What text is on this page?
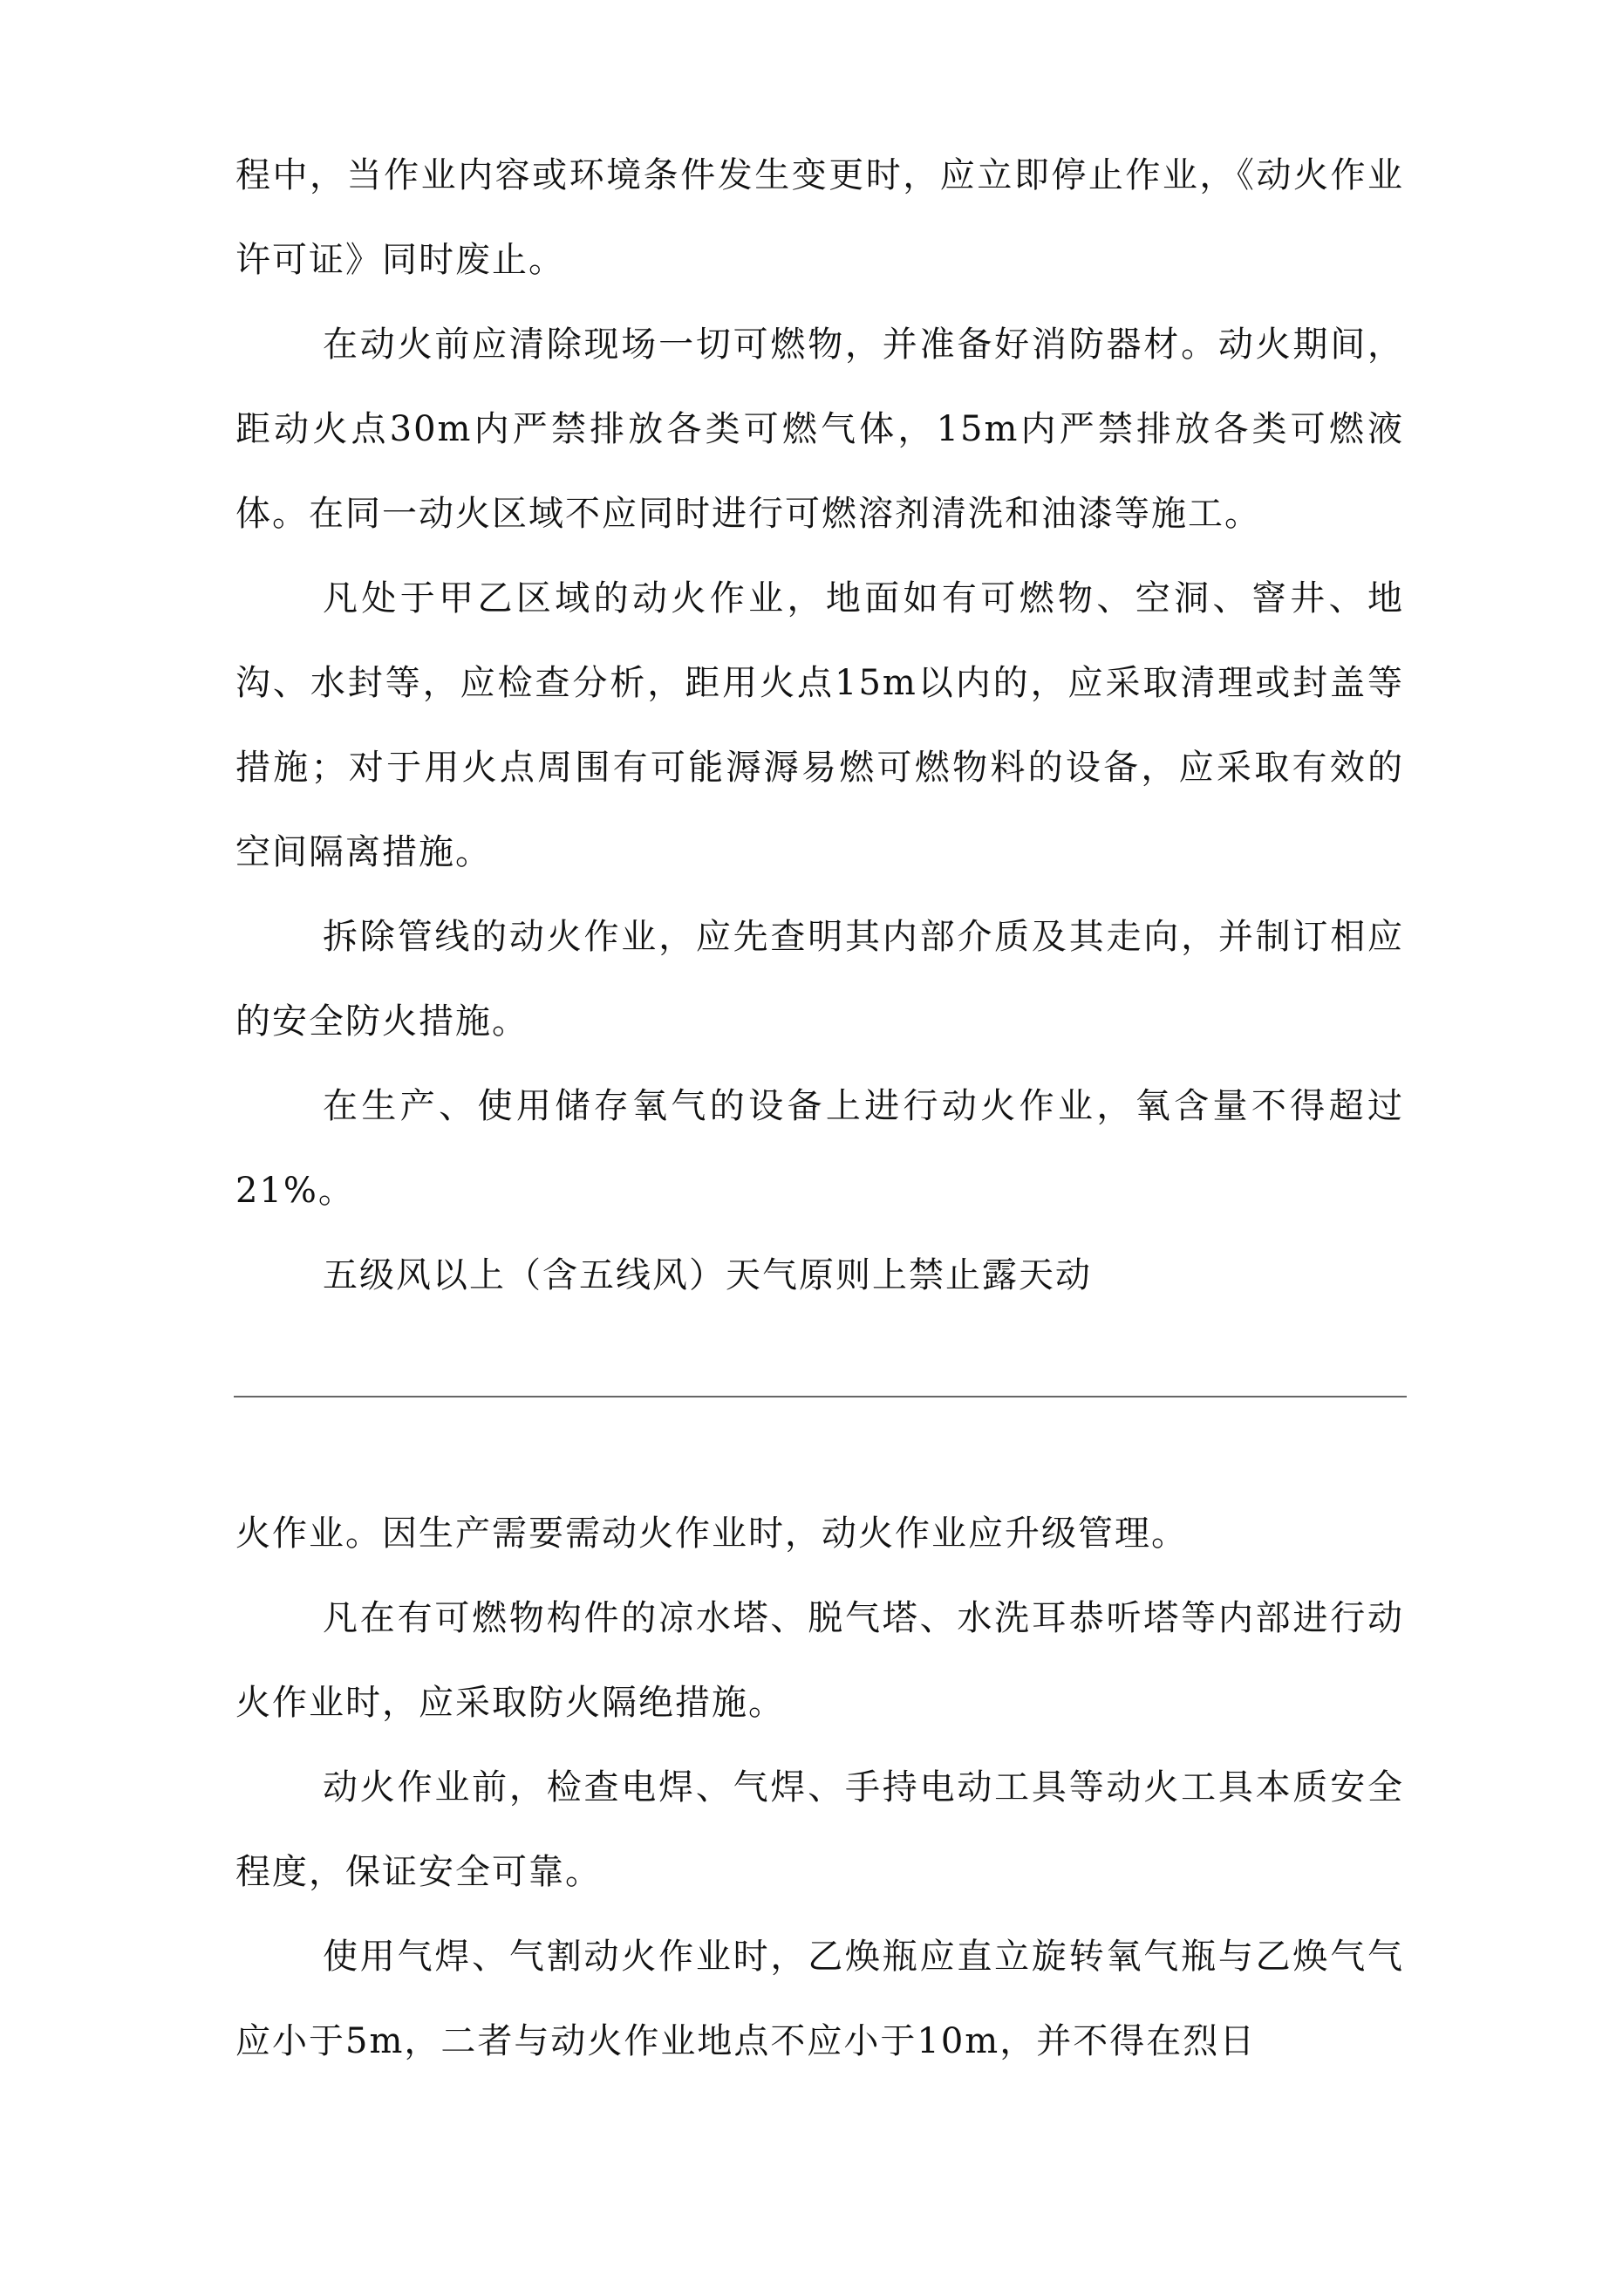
程中，当作业内容或环境条件发生变更时，应立即停止作业，《动火作业许可证》同时废止。

在动火前应清除现场一切可燃物，并准备好消防器材。动火期间，距动火点30m内严禁排放各类可燃气体，15m内严禁排放各类可燃液体。在同一动火区域不应同时进行可燃溶剂清洗和油漆等施工。

凡处于甲乙区域的动火作业，地面如有可燃物、空洞、窨井、地沟、水封等，应检查分析，距用火点15m以内的，应采取清理或封盖等措施；对于用火点周围有可能溽溽易燃可燃物料的设备，应采取有效的空间隔离措施。

拆除管线的动火作业，应先查明其内部介质及其走向，并制订相应的安全防火措施。

在生产、使用储存氧气的设备上进行动火作业，氧含量不得超过21%。

五级风以上（含五线风）天气原则上禁止露天动

火作业。因生产需要需动火作业时，动火作业应升级管理。

凡在有可燃物构件的凉水塔、脱气塔、水洗耳恭听塔等内部进行动火作业时，应采取防火隔绝措施。

动火作业前，检查电焊、气焊、手持电动工具等动火工具本质安全程度，保证安全可靠。

使用气焊、气割动火作业时，乙焕瓶应直立旋转氧气瓶与乙焕气气应小于5m，二者与动火作业地点不应小于10m，并不得在烈日
